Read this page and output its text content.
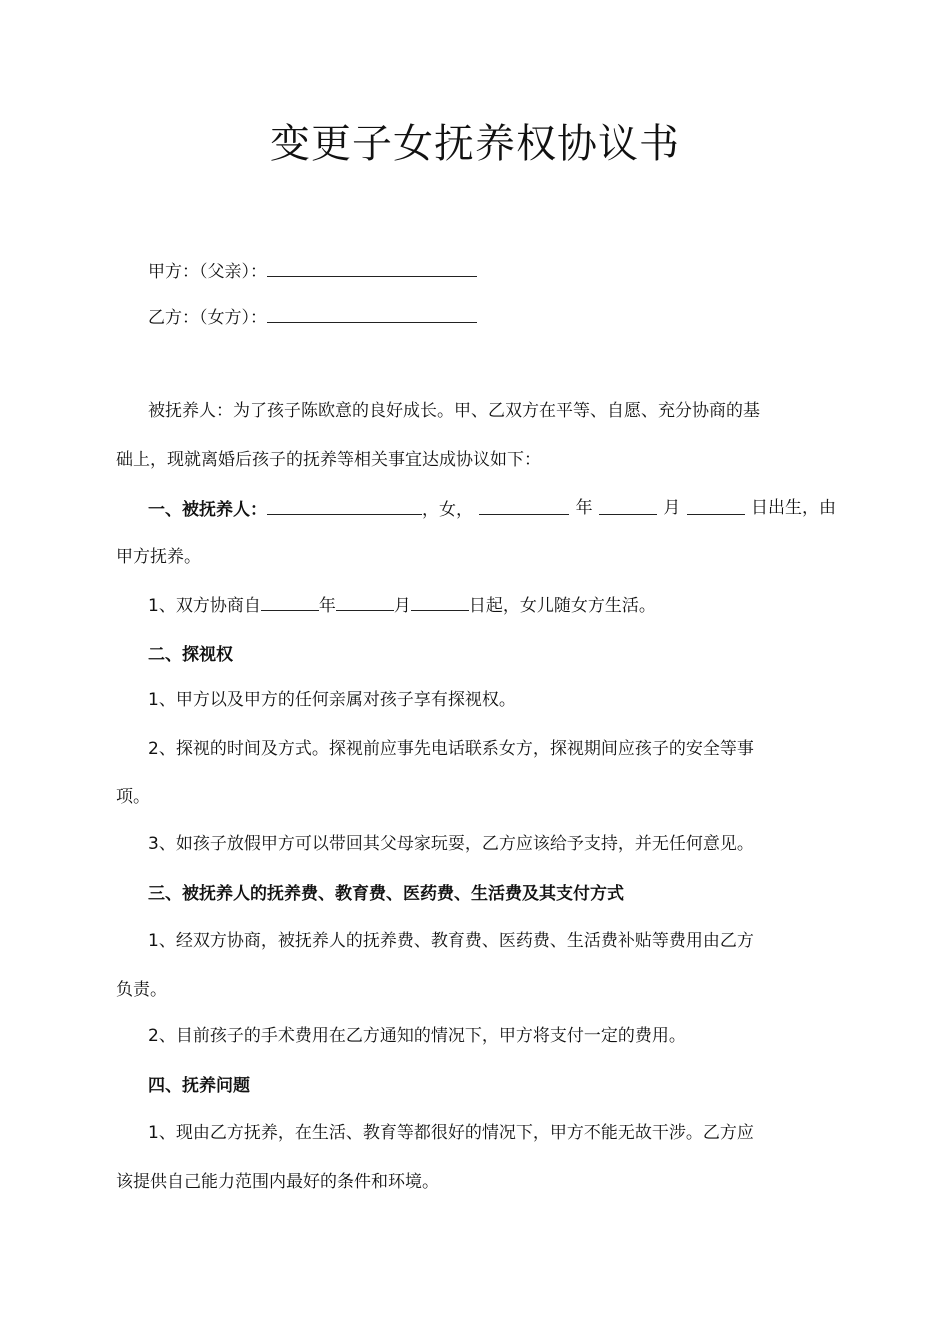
变更子女抚养权协议书
甲方：（父亲）：
乙方：（女方）：
被抚养人：为了孩子陈欧意的良好成长。甲、乙双方在平等、自愿、充分协商的基
础上，现就离婚后孩子的抚养等相关事宜达成协议如下：
一、被抚养人：	，女，	年	月	日出生，由
甲方抚养。
1、双方协商自	年	月	日起，女儿随女方生活。
二、探视权
1、甲方以及甲方的任何亲属对孩子享有探视权。
2、探视的时间及方式。探视前应事先电话联系女方，探视期间应孩子的安全等事
项。
3、如孩子放假甲方可以带回其父母家玩耍，乙方应该给予支持，并无任何意见。
三、被抚养人的抚养费、教育费、医药费、生活费及其支付方式
1、经双方协商，被抚养人的抚养费、教育费、医药费、生活费补贴等费用由乙方
负责。
2、目前孩子的手术费用在乙方通知的情况下，甲方将支付一定的费用。
四、抚养问题
1、现由乙方抚养，在生活、教育等都很好的情况下，甲方不能无故干涉。乙方应
该提供自己能力范围内最好的条件和环境。
